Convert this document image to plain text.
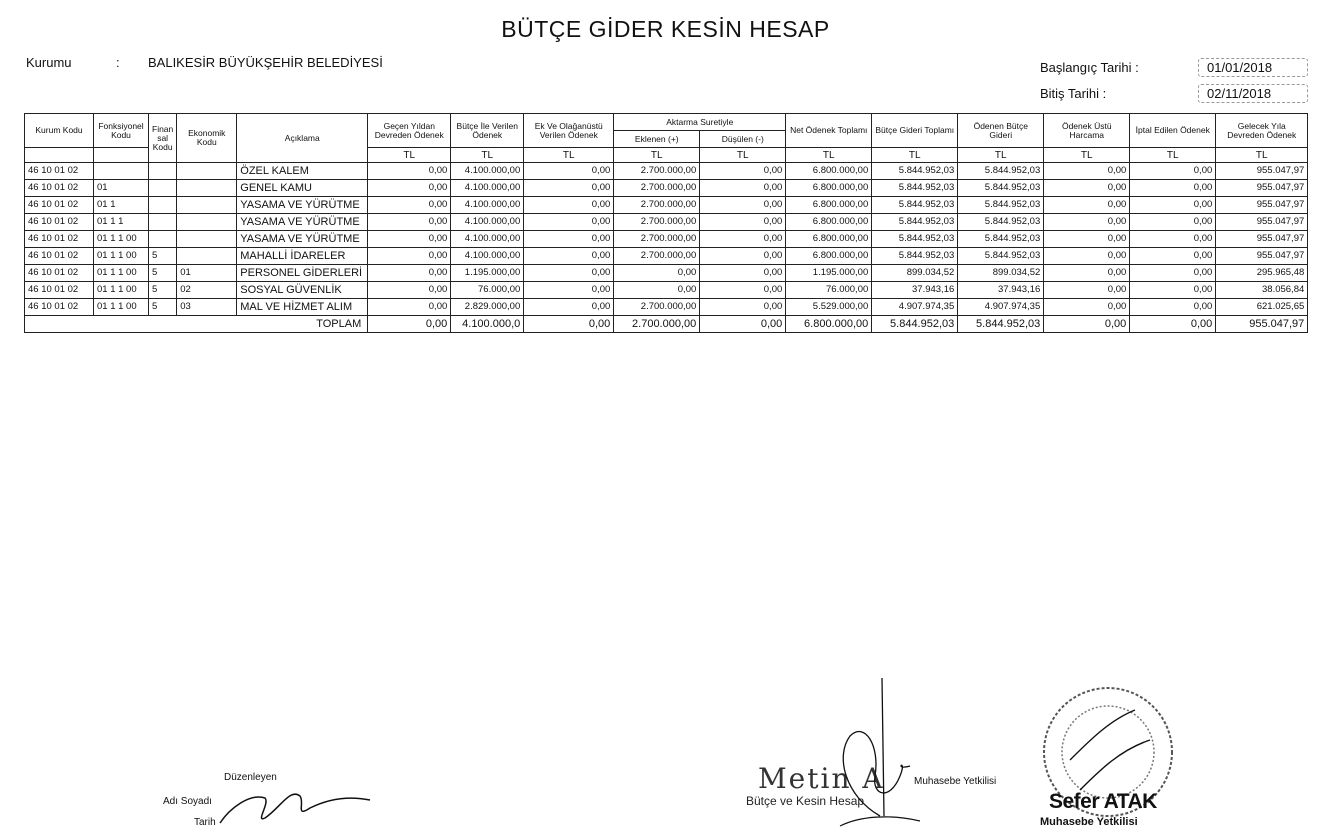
BÜTÇE GİDER KESİN HESAP
Kurumu	: BALIKESİR BÜYÜKŞEHİR BELEDİYESİ	Başlangıç Tarihi :	01/01/2018
Bitiş Tarihi :	02/11/2018
Kurum Kodu	Fonksiyonel Kodu	Finan sal Kodu	Ekonomik Kodu	Açıklama	Geçen Yıldan Devreden Ödenek	Bütçe İle Verilen Ödenek	Ek Ve Olağanüstü Verilen Ödenek	Aktarma Suretiyle		Net Ödenek Toplamı	Bütçe Gideri Toplamı	Ödenen Bütçe Gideri	Ödenek Üstü Harcama	İptal Edilen Ödenek	Gelecek Yıla Devreden Ödenek
								Eklenen (+)	Düşülen (-)						
					TL	TL	TL	TL	TL	TL	TL	TL	TL	TL	TL
46 10 01 02				ÖZEL KALEM	0,00	4.100.000,00	0,00	2.700.000,00	0,00	6.800.000,00	5.844.952,03	5.844.952,03	0,00	0,00	955.047,97
46 10 01 02	01			GENEL KAMU	0,00	4.100.000,00	0,00	2.700.000,00	0,00	6.800.000,00	5.844.952,03	5.844.952,03	0,00	0,00	955.047,97
46 10 01 02	01 1			YASAMA VE YÜRÜTME	0,00	4.100.000,00	0,00	2.700.000,00	0,00	6.800.000,00	5.844.952,03	5.844.952,03	0,00	0,00	955.047,97
46 10 01 02	01 1 1			YASAMA VE YÜRÜTME	0,00	4.100.000,00	0,00	2.700.000,00	0,00	6.800.000,00	5.844.952,03	5.844.952,03	0,00	0,00	955.047,97
46 10 01 02	01 1 1 00			YASAMA VE YÜRÜTME	0,00	4.100.000,00	0,00	2.700.000,00	0,00	6.800.000,00	5.844.952,03	5.844.952,03	0,00	0,00	955.047,97
46 10 01 02	01 1 1 00	5		MAHALLİ İDARELER	0,00	4.100.000,00	0,00	2.700.000,00	0,00	6.800.000,00	5.844.952,03	5.844.952,03	0,00	0,00	955.047,97
46 10 01 02	01 1 1 00	5	01	PERSONEL GİDERLERİ	0,00	1.195.000,00	0,00	0,00	0,00	1.195.000,00	899.034,52	899.034,52	0,00	0,00	295.965,48
46 10 01 02	01 1 1 00	5	02	SOSYAL GÜVENLİK	0,00	76.000,00	0,00	0,00	0,00	76.000,00	37.943,16	37.943,16	0,00	0,00	38.056,84
46 10 01 02	01 1 1 00	5	03	MAL VE HİZMET ALIM	0,00	2.829.000,00	0,00	2.700.000,00	0,00	5.529.000,00	4.907.974,35	4.907.974,35	0,00	0,00	621.025,65
TOPLAM					0,00	4.100.000,0	0,00	2.700.000,00	0,00	6.800.000,00	5.844.952,03	5.844.952,03	0,00	0,00	955.047,97
Düzenleyen
Adı Soyadı
Tarih
Metin A
Bütçe ve Kesin Hesap
Muhasebe Yetkilisi
Sefer ATAK
Muhasebe Yetkilisi
